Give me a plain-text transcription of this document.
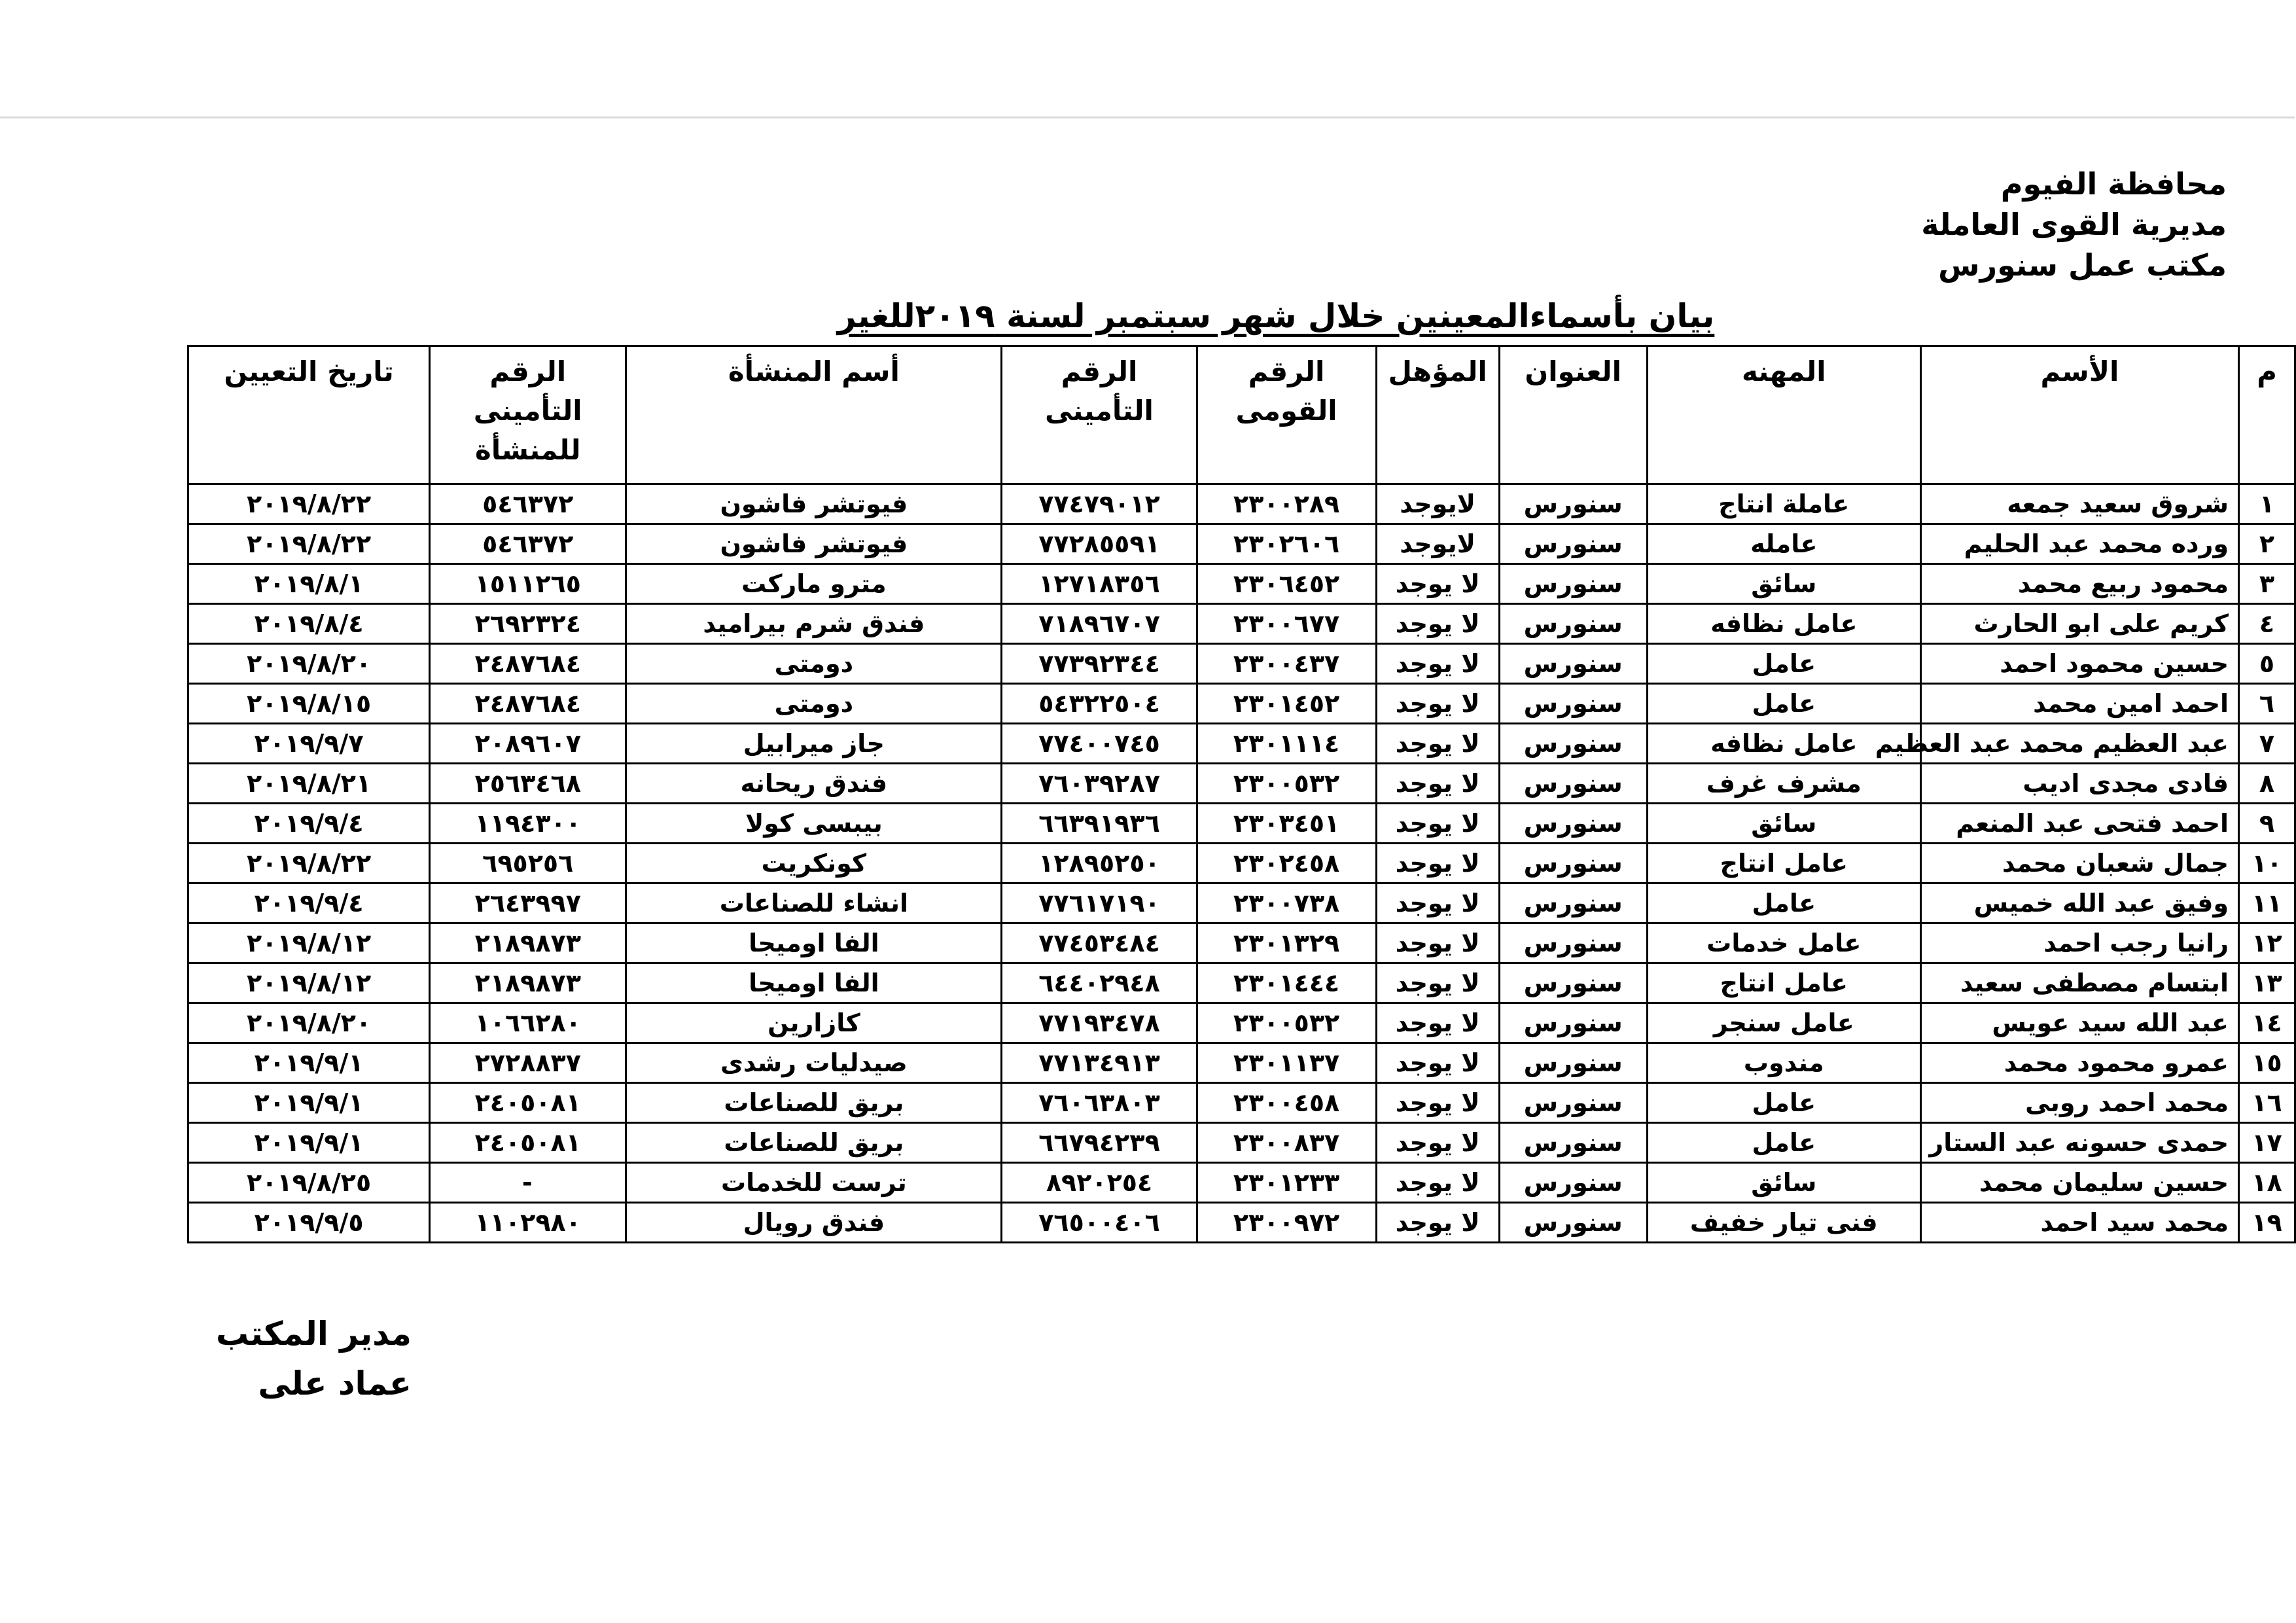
محافظة الفيوم
مديرية القوى العاملة
مكتب عمل سنورس
بيان بأسماءالمعينين خلال شهر سبتمبر لسنة ٢٠١٩للغير
م	الأسم	المهنه	العنوان	المؤهل	الرقم القومى	الرقم التأمينى	أسم المنشأة	الرقم التأمينى للمنشأة	تاريخ التعيين
١	شروق سعيد جمعه	عاملة انتاج	سنورس	لايوجد	٢٣٠٠٢٨٩	٧٧٤٧٩٠١٢	فيوتشر فاشون	٥٤٦٣٧٢	٢٠١٩/٨/٢٢
٢	ورده محمد عبد الحليم	عامله	سنورس	لايوجد	٢٣٠٢٦٠٦	٧٧٢٨٥٥٩١	فيوتشر فاشون	٥٤٦٣٧٢	٢٠١٩/٨/٢٢
٣	محمود ربيع محمد	سائق	سنورس	لا يوجد	٢٣٠٦٤٥٢	١٢٧١٨٣٥٦	مترو ماركت	١٥١١٢٦٥	٢٠١٩/٨/١
٤	كريم على ابو الحارث	عامل نظافه	سنورس	لا يوجد	٢٣٠٠٦٧٧	٧١٨٩٦٧٠٧	فندق شرم بيراميد	٢٦٩٢٣٢٤	٢٠١٩/٨/٤
٥	حسين محمود احمد	عامل	سنورس	لا يوجد	٢٣٠٠٤٣٧	٧٧٣٩٢٣٤٤	دومتى	٢٤٨٧٦٨٤	٢٠١٩/٨/٢٠
٦	احمد امين محمد	عامل	سنورس	لا يوجد	٢٣٠١٤٥٢	٥٤٣٢٢٥٠٤	دومتى	٢٤٨٧٦٨٤	٢٠١٩/٨/١٥
٧	عبد العظيم محمد عبد العظيم	عامل نظافه	سنورس	لا يوجد	٢٣٠١١١٤	٧٧٤٠٠٧٤٥	جاز ميرابيل	٢٠٨٩٦٠٧	٢٠١٩/٩/٧
٨	فادى مجدى اديب	مشرف غرف	سنورس	لا يوجد	٢٣٠٠٥٣٢	٧٦٠٣٩٢٨٧	فندق ريحانه	٢٥٦٣٤٦٨	٢٠١٩/٨/٢١
٩	احمد فتحى عبد المنعم	سائق	سنورس	لا يوجد	٢٣٠٣٤٥١	٦٦٣٩١٩٣٦	بيبسى كولا	١١٩٤٣٠٠	٢٠١٩/٩/٤
١٠	جمال شعبان محمد	عامل انتاج	سنورس	لا يوجد	٢٣٠٢٤٥٨	١٢٨٩٥٢٥٠	كونكريت	٦٩٥٢٥٦	٢٠١٩/٨/٢٢
١١	وفيق عبد الله خميس	عامل	سنورس	لا يوجد	٢٣٠٠٧٣٨	٧٧٦١٧١٩٠	انشاء للصناعات	٢٦٤٣٩٩٧	٢٠١٩/٩/٤
١٢	رانيا رجب احمد	عامل خدمات	سنورس	لا يوجد	٢٣٠١٣٢٩	٧٧٤٥٣٤٨٤	الفا اوميجا	٢١٨٩٨٧٣	٢٠١٩/٨/١٢
١٣	ابتسام مصطفى سعيد	عامل انتاج	سنورس	لا يوجد	٢٣٠١٤٤٤	٦٤٤٠٢٩٤٨	الفا اوميجا	٢١٨٩٨٧٣	٢٠١٩/٨/١٢
١٤	عبد الله سيد عويس	عامل سنجر	سنورس	لا يوجد	٢٣٠٠٥٣٢	٧٧١٩٣٤٧٨	كازارين	١٠٦٦٢٨٠	٢٠١٩/٨/٢٠
١٥	عمرو محمود محمد	مندوب	سنورس	لا يوجد	٢٣٠١١٣٧	٧٧١٣٤٩١٣	صيدليات رشدى	٢٧٢٨٨٣٧	٢٠١٩/٩/١
١٦	محمد احمد روبى	عامل	سنورس	لا يوجد	٢٣٠٠٤٥٨	٧٦٠٦٣٨٠٣	بريق للصناعات	٢٤٠٥٠٨١	٢٠١٩/٩/١
١٧	حمدى حسونه عبد الستار	عامل	سنورس	لا يوجد	٢٣٠٠٨٣٧	٦٦٧٩٤٢٣٩	بريق للصناعات	٢٤٠٥٠٨١	٢٠١٩/٩/١
١٨	حسين سليمان محمد	سائق	سنورس	لا يوجد	٢٣٠١٢٣٣	٨٩٢٠٢٥٤	ترست للخدمات	-	٢٠١٩/٨/٢٥
١٩	محمد سيد احمد	فنى تيار خفيف	سنورس	لا يوجد	٢٣٠٠٩٧٢	٧٦٥٠٠٤٠٦	فندق رويال	١١٠٢٩٨٠	٢٠١٩/٩/٥
مدير المكتب
عماد على
